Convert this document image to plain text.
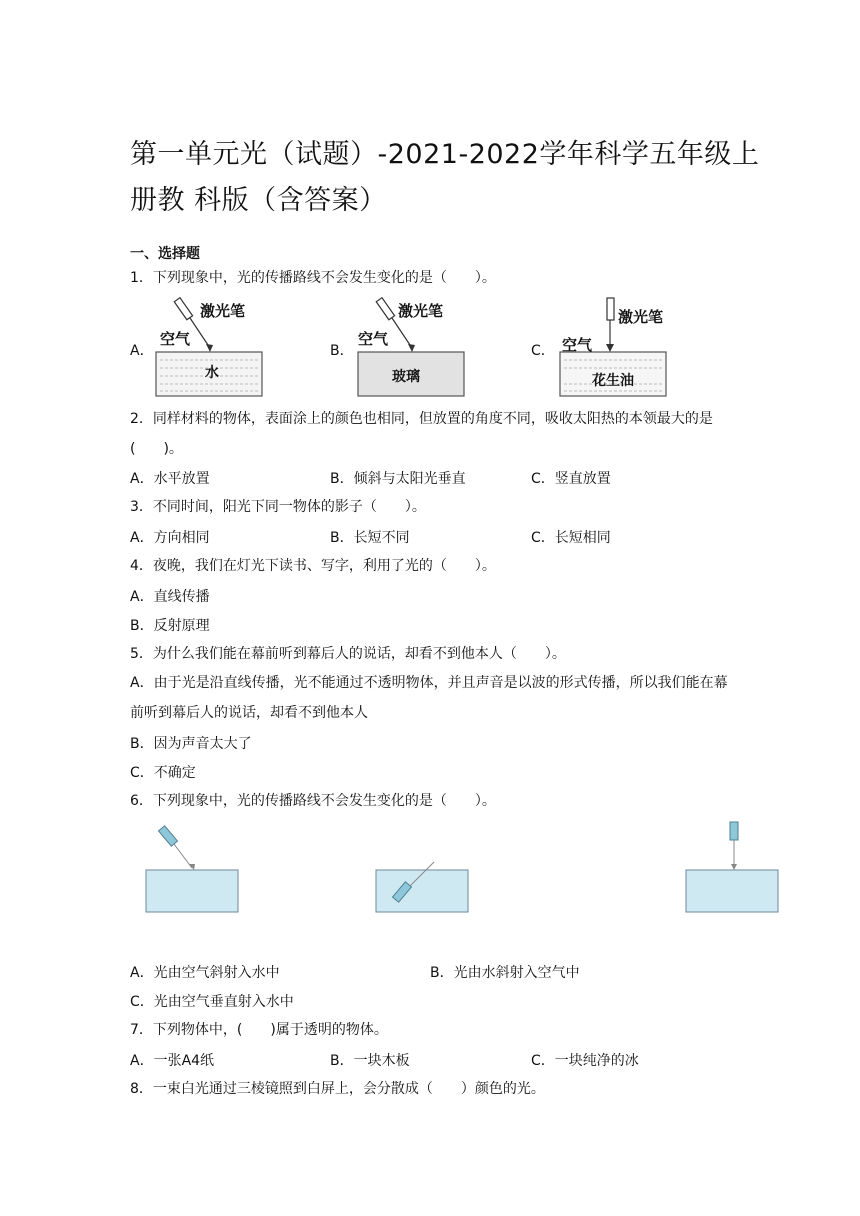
第一单元光（试题）-2021-2022学年科学五年级上册教 科版（含答案）
一、选择题
1．下列现象中，光的传播路线不会发生变化的是（　　）。
A．
激光笔
空气
水
B．
激光笔
空气
玻璃
C．
激光笔
空气
花生油
2．同样材料的物体，表面涂上的颜色也相同，但放置的角度不同，吸收太阳热的本领最大的是(　　)。
A．水平放置	B．倾斜与太阳光垂直	C．竖直放置
3．不同时间，阳光下同一物体的影子（　　）。
A．方向相同	B．长短不同	C．长短相同
4．夜晚，我们在灯光下读书、写字，利用了光的（　　）。
A．直线传播
B．反射原理
5．为什么我们能在幕前听到幕后人的说话，却看不到他本人（　　）。
A．由于光是沿直线传播，光不能通过不透明物体，并且声音是以波的形式传播，所以我们能在幕前听到幕后人的说话，却看不到他本人
B．因为声音太大了
C．不确定
6．下列现象中，光的传播路线不会发生变化的是（　　）。
A．光由空气斜射入水中	B．光由水斜射入空气中
C．光由空气垂直射入水中
7．下列物体中，(　　)属于透明的物体。
A．一张A4纸	B．一块木板	C．一块纯净的冰
8．一束白光通过三棱镜照到白屏上，会分散成（　　）颜色的光。
